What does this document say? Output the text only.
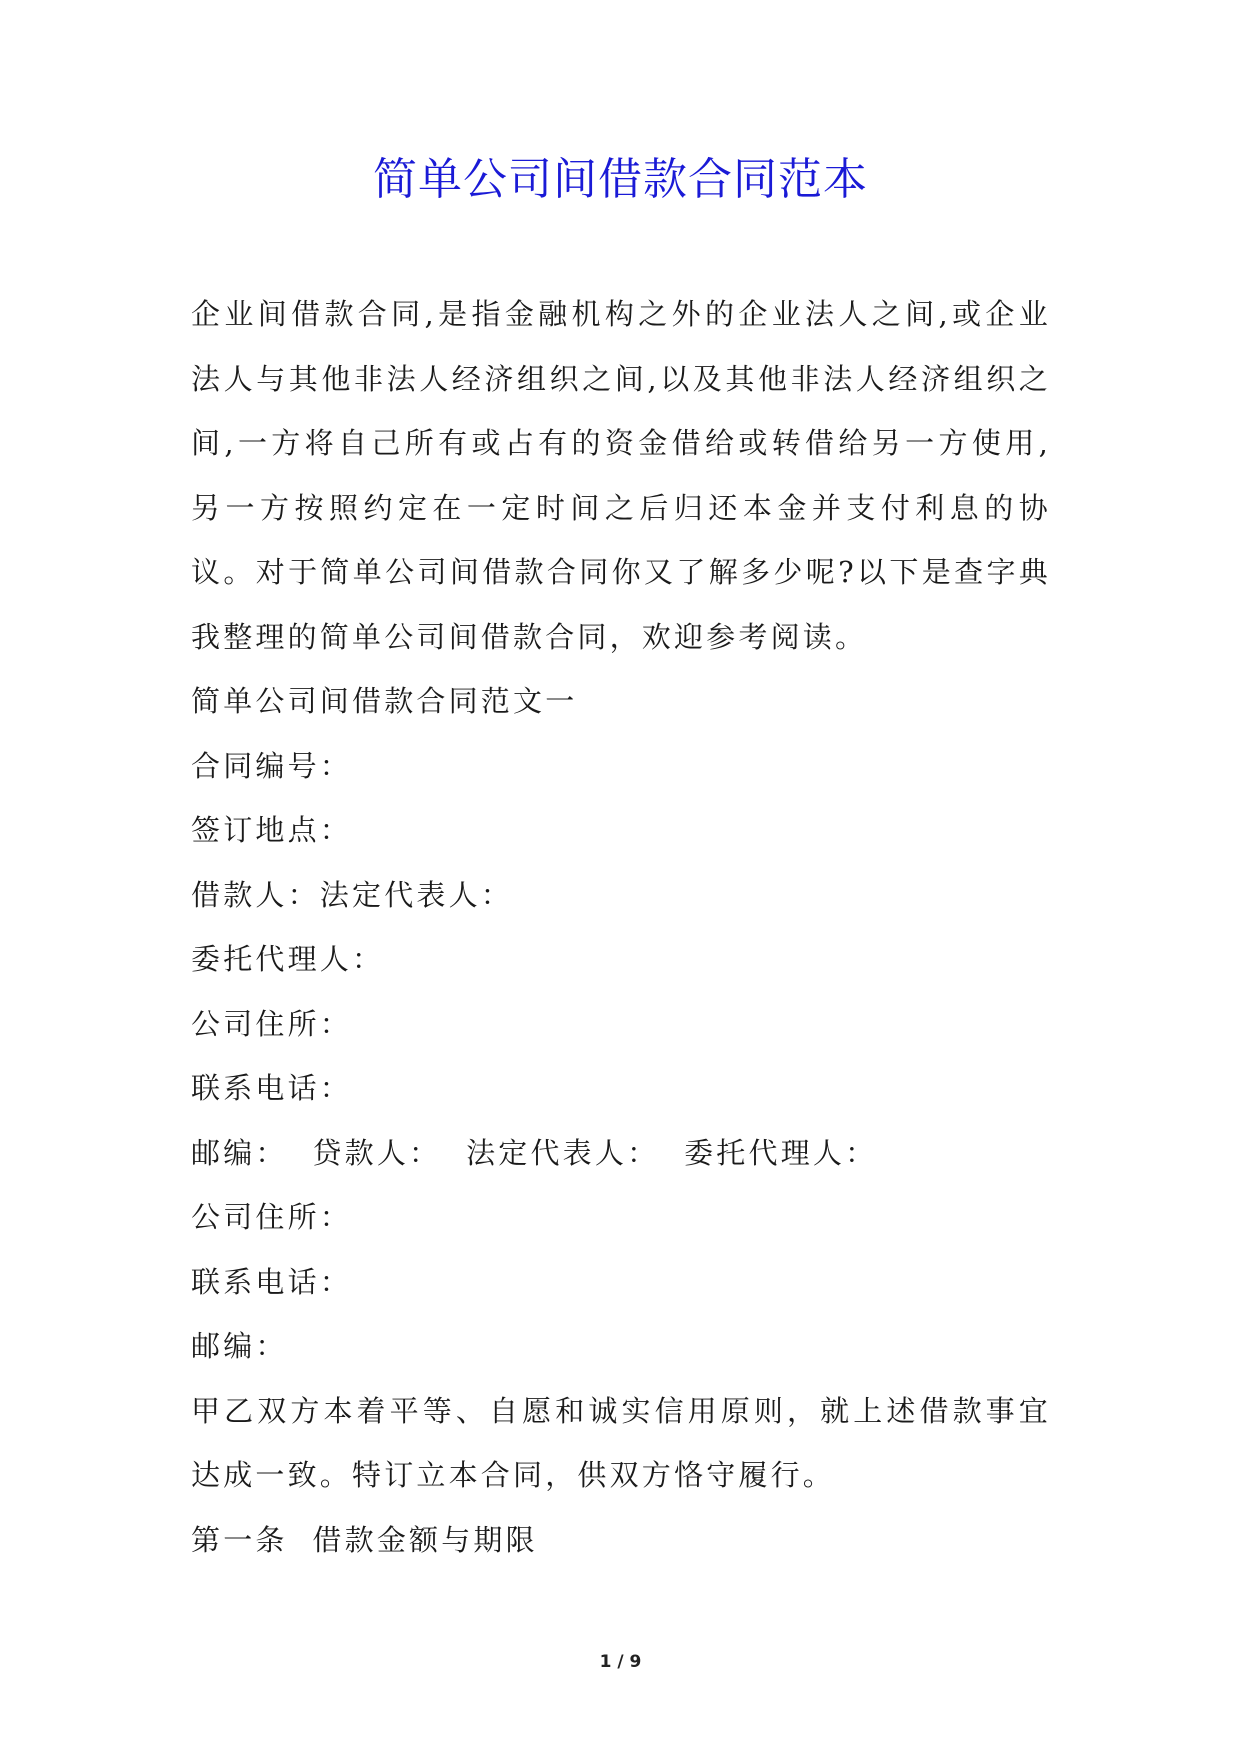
简单公司间借款合同范本

企业间借款合同,是指金融机构之外的企业法人之间,或企业法人与其他非法人经济组织之间,以及其他非法人经济组织之间,一方将自己所有或占有的资金借给或转借给另一方使用,另一方按照约定在一定时间之后归还本金并支付利息的协议。对于简单公司间借款合同你又了解多少呢?以下是查字典我整理的简单公司间借款合同，欢迎参考阅读。

简单公司间借款合同范文一

合同编号：

签订地点：

借款人：法定代表人：

委托代理人：

公司住所：

联系电话：

邮编：  贷款人：  法定代表人：  委托代理人：

公司住所：

联系电话：

邮编：

甲乙双方本着平等、自愿和诚实信用原则，就上述借款事宜达成一致。特订立本合同，供双方恪守履行。

第一条  借款金额与期限

1 / 9
